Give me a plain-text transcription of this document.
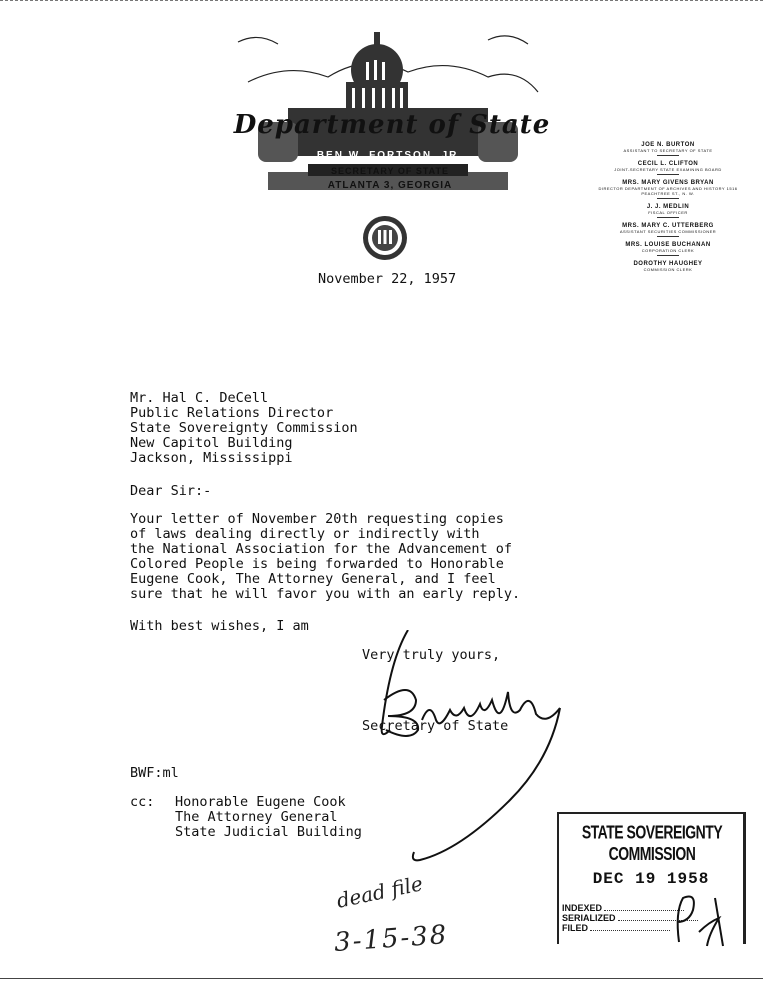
Department of State
BEN W. FORTSON, JR.
SECRETARY OF STATE
ATLANTA 3, GEORGIA
JOE N. BURTON
ASSISTANT TO SECRETARY OF STATE
CECIL L. CLIFTON
JOINT-SECRETARY STATE EXAMINING BOARD
MRS. MARY GIVENS BRYAN
DIRECTOR DEPARTMENT OF ARCHIVES AND HISTORY 1516 PEACHTREE ST., N. W.
J. J. MEDLIN
FISCAL OFFICER
MRS. MARY C. UTTERBERG
ASSISTANT SECURITIES COMMISSIONER
MRS. LOUISE BUCHANAN
CORPORATION CLERK
DOROTHY HAUGHEY
COMMISSION CLERK
November 22, 1957
Mr. Hal C. DeCell
Public Relations Director
State Sovereignty Commission
New Capitol Building
Jackson, Mississippi
Dear Sir:-
Your letter of November 20th requesting copies
of laws dealing directly or indirectly with
the National Association for the Advancement of
Colored People is being forwarded to Honorable
Eugene Cook, The Attorney General, and I feel
sure that he will favor you with an early reply.
With best wishes, I am
Very truly yours,
Secretary of State
BWF:ml
cc: Honorable Eugene Cook
The Attorney General
State Judicial Building
dead file
3-15-38
STATE SOVEREIGNTY COMMISSION
DEC 19 1958
INDEXED
SERIALIZED
FILED
